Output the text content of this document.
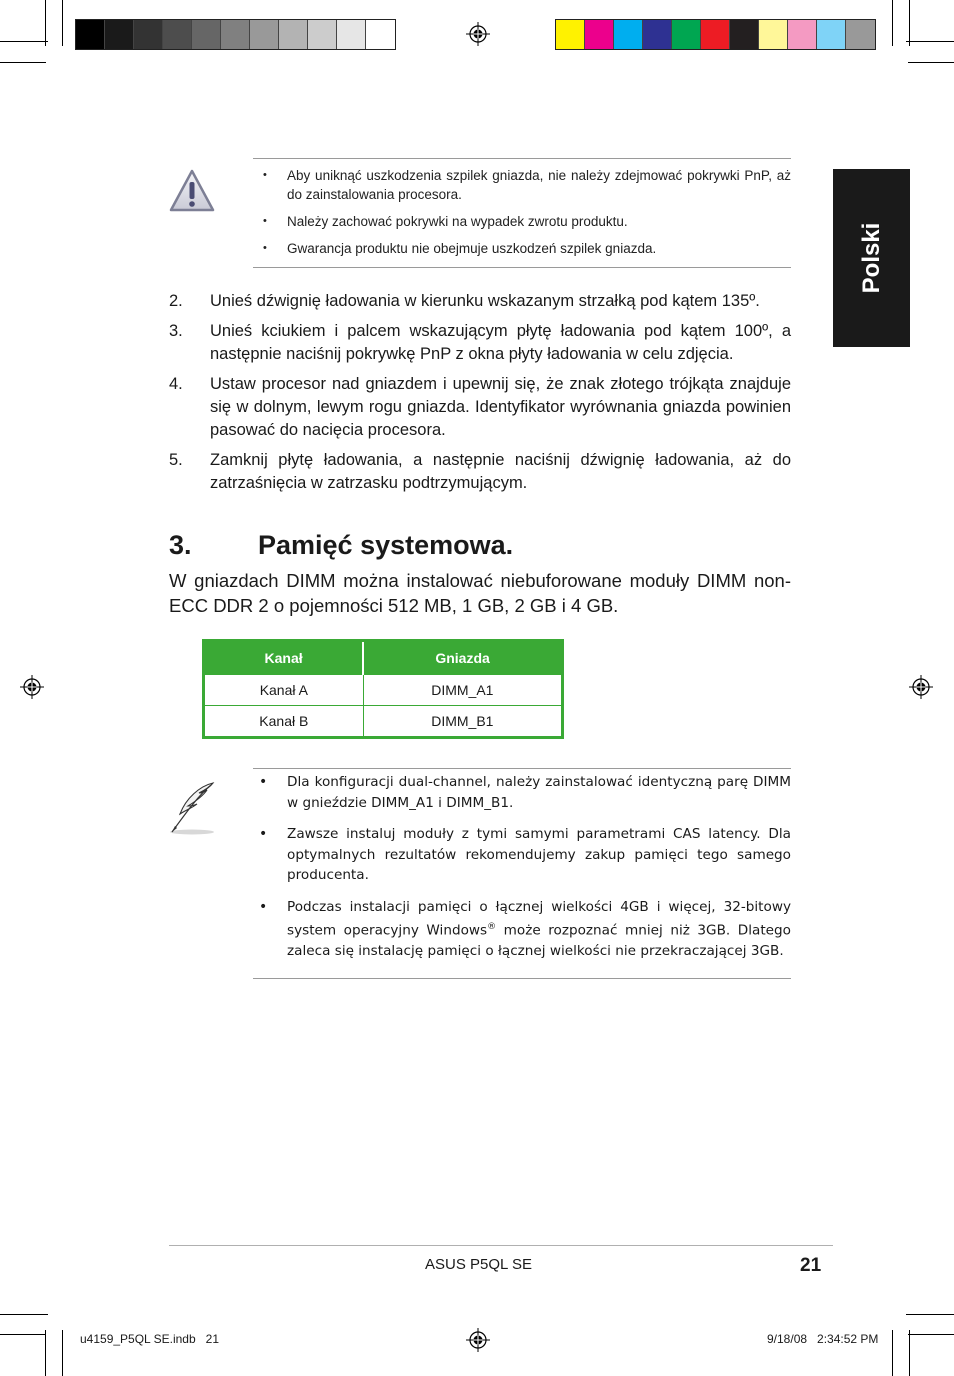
Polski
• Aby uniknąć uszkodzenia szpilek gniazda, nie należy zdejmować pokrywki PnP, aż do zainstalowania procesora.
• Należy zachować pokrywki na wypadek zwrotu produktu.
• Gwarancja produktu nie obejmuje uszkodzeń szpilek gniazda.
2. Unieś dźwignię ładowania w kierunku wskazanym strzałką pod kątem 135º.
3. Unieś kciukiem i palcem wskazującym płytę ładowania pod kątem 100º, a następnie naciśnij pokrywkę PnP z okna płyty ładowania w celu zdjęcia.
4. Ustaw procesor nad gniazdem i upewnij się, że znak złotego trójkąta znajduje się w dolnym, lewym rogu gniazda. Identyfikator wyrównania gniazda powinien pasować do nacięcia procesora.
5. Zamknij płytę ładowania, a następnie naciśnij dźwignię ładowania, aż do zatrzaśnięcia w zatrzasku podtrzymującym.
3. Pamięć systemowa.
W gniazdach DIMM można instalować niebuforowane moduły DIMM non-ECC DDR 2 o pojemności 512 MB, 1 GB, 2 GB i 4 GB.
Kanał	Gniazda
Kanał A	DIMM_A1
Kanał B	DIMM_B1
• Dla konfiguracji dual-channel, należy zainstalować identyczną parę DIMM w gnieździe DIMM_A1 i DIMM_B1.
• Zawsze instaluj moduły z tymi samymi parametrami CAS latency. Dla optymalnych rezultatów rekomendujemy zakup pamięci tego samego producenta.
• Podczas instalacji pamięci o łącznej wielkości 4GB i więcej, 32-bitowy system operacyjny Windows® może rozpoznać mniej niż 3GB. Dlatego zaleca się instalację pamięci o łącznej wielkości nie przekraczającej 3GB.
ASUS P5QL SE	21
u4159_P5QL SE.indb   21	9/18/08   2:34:52 PM
